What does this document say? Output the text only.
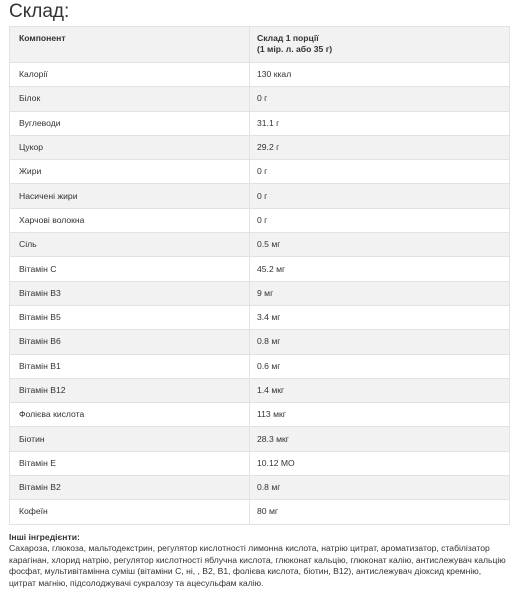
Склад:
Компонент	Склад 1 порції
(1 мір. л. або 35 г)
Калорії	130 ккал
Білок	0 г
Вуглеводи	31.1 г
Цукор	29.2 г
Жири	0 г
Насичені жири	0 г
Харчові волокна	0 г
Сіль	0.5 мг
Вітамін С	45.2 мг
Вітамін В3	9 мг
Вітамін В5	3.4 мг
Вітамін В6	0.8 мг
Вітамін В1	0.6 мг
Вітамін В12	1.4 мкг
Фолієва кислота	113 мкг
Біотин	28.3 мкг
Вітамін Е	10.12 МО
Вітамін В2	0.8 мг
Кофеїн	80 мг
Інші інгредієнти:
Сахароза, глюкоза, мальтодекстрин, регулятор кислотності лимонна кислота, натрію цитрат, ароматизатор, стабілізатор карагінан, хлорид натрію, регулятор кислотності яблучна кислота, глюконат кальцію, глюконат калію, антислежувач кальцію фосфат, мультивітамінна суміш (вітаміни С, ні, , В2, В1, фолієва кислота, біотин, В12), антислежувач діоксид кремнію, цитрат магнію, підсолоджувачі сукралозу та ацесульфам калію.
